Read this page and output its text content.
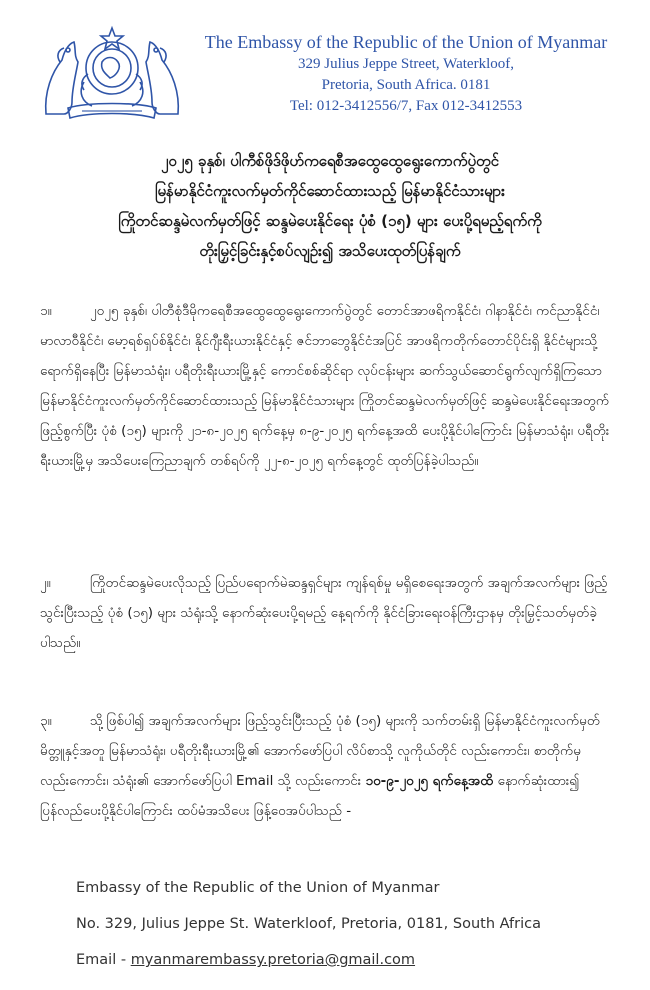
The Embassy of the Republic of the Union of Myanmar
329 Julius Jeppe Street, Waterkloof,
Pretoria, South Africa. 0181
Tel: 012-3412556/7, Fax 012-3412553
၂၀၂၅ ခုနှစ်၊ ပါကီစ်ဖိုဒ်ဖိုဟ်ကရေစီအထွေထွေရွေးကောက်ပွဲတွင်
မြန်မာနိုင်ငံကူးလက်မှတ်ကိုင်ဆောင်ထားသည့် မြန်မာနိုင်ငံသားများ
ကြိုတင်ဆန္ဒမဲလက်မှတ်ဖြင့် ဆန္ဒမဲပေးနိုင်ရေး ပုံစံ (၁၅) များ ပေးပို့ရမည့်ရက်ကို
တိုးမြှင့်ခြင်းနှင့်စပ်လျဉ်း၍ အသိပေးထုတ်ပြန်ချက်
၁။	၂၀၂၅ ခုနှစ်၊ ပါတီစုံဒီမိုကရေစီအထွေထွေရွေးကောက်ပွဲတွင် တောင်အာဖရိကနိုင်ငံ၊ ဂါနာနိုင်ငံ၊ ကင်ညာနိုင်ငံ၊ မာလာဝီနိုင်ငံ၊ မော့ရစ်ရှပ်စ်နိုင်ငံ၊ နိုင်ဂျီးရီးယားနိုင်ငံနှင့် ဇင်ဘာဘွေနိုင်ငံအပြင် အာဖရိကတိုက်တောင်ပိုင်းရှိ နိုင်ငံများသို့ ရောက်ရှိနေပြီး မြန်မာသံရုံး၊ ပရီတိုးရီးယားမြို့နှင့် ကောင်စစ်ဆိုင်ရာ လုပ်ငန်းများ ဆက်သွယ်ဆောင်ရွက်လျက်ရှိကြသော မြန်မာနိုင်ငံကူးလက်မှတ်ကိုင်ဆောင်ထားသည့် မြန်မာနိုင်ငံသားများ ကြိုတင်ဆန္ဒမဲလက်မှတ်ဖြင့် ဆန္ဒမဲပေးနိုင်ရေးအတွက် ဖြည့်စွက်ပြီး ပုံစံ (၁၅) များကို ၂၁-၈-၂၀၂၅ ရက်နေ့မှ ၈-၉-၂၀၂၅ ရက်နေ့အထိ ပေးပို့နိုင်ပါကြောင်း မြန်မာသံရုံး၊ ပရီတိုးရီးယားမြို့မှ အသိပေးကြေညာချက် တစ်ရပ်ကို ၂၂-၈-၂၀၂၅ ရက်နေ့တွင် ထုတ်ပြန်ခဲ့ပါသည်။
၂။	ကြိုတင်ဆန္ဒမဲပေးလိုသည့် ပြည်ပရောက်မဲဆန္ဒရှင်များ ကျန်ရစ်မှု မရှိစေရေးအတွက် အချက်အလက်များ ဖြည့်သွင်းပြီးသည့် ပုံစံ (၁၅) များ သံရုံးသို့ နောက်ဆုံးပေးပို့ရမည့် နေ့ရက်ကို နိုင်ငံခြားရေးဝန်ကြီးဌာနမှ တိုးမြှင့်သတ်မှတ်ခဲ့ပါသည်။
၃။	သို့ဖြစ်ပါ၍ အချက်အလက်များ ဖြည့်သွင်းပြီးသည့် ပုံစံ (၁၅) များကို သက်တမ်းရှိ မြန်မာနိုင်ငံကူးလက်မှတ်မိတ္တူနှင့်အတူ မြန်မာသံရုံး၊ ပရီတိုးရီးယားမြို့၏ အောက်ဖော်ပြပါ လိပ်စာသို့ လူကိုယ်တိုင် လည်းကောင်း၊ စာတိုက်မှ လည်းကောင်း၊ သံရုံး၏ အောက်ဖော်ပြပါ Email သို့ လည်းကောင်း ၁၀-၉-၂၀၂၅ ရက်နေ့အထိ နောက်ဆုံးထား၍ ပြန်လည်ပေးပို့နိုင်ပါကြောင်း ထပ်မံအသိပေး ဖြန့်ဝေအပ်ပါသည် -
Embassy of the Republic of the Union of Myanmar
No. 329, Julius Jeppe St. Waterkloof, Pretoria, 0181, South Africa
Email - myanmarembassy.pretoria@gmail.com
